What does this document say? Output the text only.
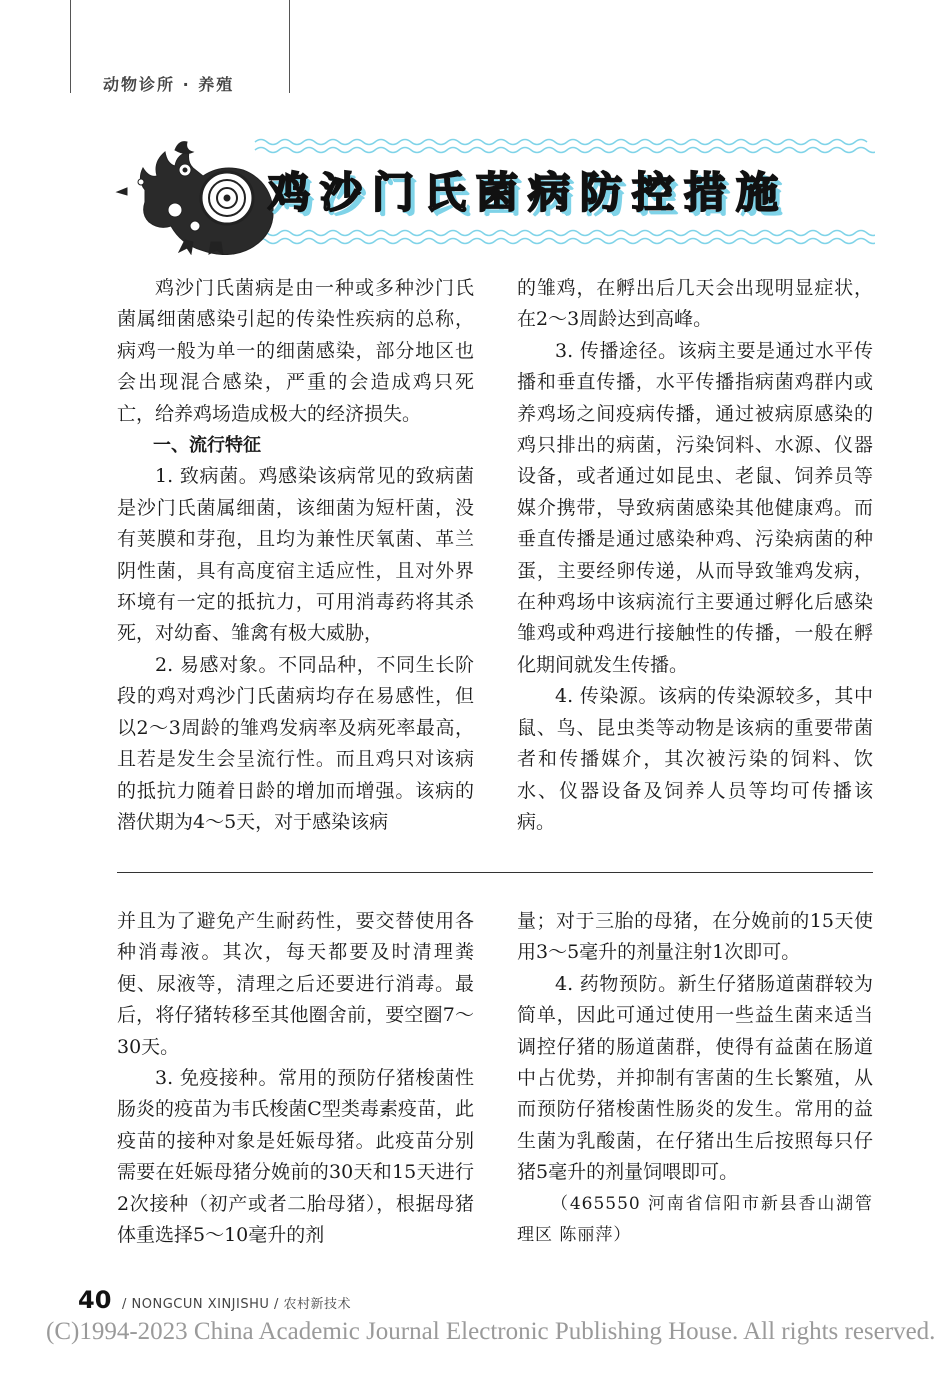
动物诊所 · 养殖
鸡沙门氏菌病防控措施

鸡沙门氏菌病是由一种或多种沙门氏菌属细菌感染引起的传染性疾病的总称，病鸡一般为单一的细菌感染，部分地区也会出现混合感染，严重的会造成鸡只死亡，给养鸡场造成极大的经济损失。

一、流行特征

1. 致病菌。鸡感染该病常见的致病菌是沙门氏菌属细菌，该细菌为短杆菌，没有荚膜和芽孢，且均为兼性厌氧菌、革兰阴性菌，具有高度宿主适应性，且对外界环境有一定的抵抗力，可用消毒药将其杀死，对幼畜、雏禽有极大威胁，

2. 易感对象。不同品种，不同生长阶段的鸡对鸡沙门氏菌病均存在易感性，但以2～3周龄的雏鸡发病率及病死率最高，且若是发生会呈流行性。而且鸡只对该病的抵抗力随着日龄的增加而增强。该病的潜伏期为4～5天，对于感染该病

的雏鸡，在孵出后几天会出现明显症状，在2～3周龄达到高峰。

3. 传播途径。该病主要是通过水平传播和垂直传播，水平传播指病菌鸡群内或养鸡场之间疫病传播，通过被病原感染的鸡只排出的病菌，污染饲料、水源、仪器设备，或者通过如昆虫、老鼠、饲养员等媒介携带，导致病菌感染其他健康鸡。而垂直传播是通过感染种鸡、污染病菌的种蛋，主要经卵传递，从而导致雏鸡发病，在种鸡场中该病流行主要通过孵化后感染雏鸡或种鸡进行接触性的传播，一般在孵化期间就发生传播。

4. 传染源。该病的传染源较多，其中鼠、鸟、昆虫类等动物是该病的重要带菌者和传播媒介，其次被污染的饲料、饮水、仪器设备及饲养人员等均可传播该病。

并且为了避免产生耐药性，要交替使用各种消毒液。其次，每天都要及时清理粪便、尿液等，清理之后还要进行消毒。最后，将仔猪转移至其他圈舍前，要空圈7～30天。

3. 免疫接种。常用的预防仔猪梭菌性肠炎的疫苗为韦氏梭菌C型类毒素疫苗，此疫苗的接种对象是妊娠母猪。此疫苗分别需要在妊娠母猪分娩前的30天和15天进行2次接种（初产或者二胎母猪），根据母猪体重选择5～10毫升的剂

量；对于三胎的母猪，在分娩前的15天使用3～5毫升的剂量注射1次即可。

4. 药物预防。新生仔猪肠道菌群较为简单，因此可通过使用一些益生菌来适当调控仔猪的肠道菌群，使得有益菌在肠道中占优势，并抑制有害菌的生长繁殖，从而预防仔猪梭菌性肠炎的发生。常用的益生菌为乳酸菌，在仔猪出生后按照每只仔猪5毫升的剂量饲喂即可。

（465550 河南省信阳市新县香山湖管理区 陈丽萍）

40 / NONGCUN XINJISHU / 农村新技术
(C)1994-2023 China Academic Journal Electronic Publishing House. All rights reserved.
